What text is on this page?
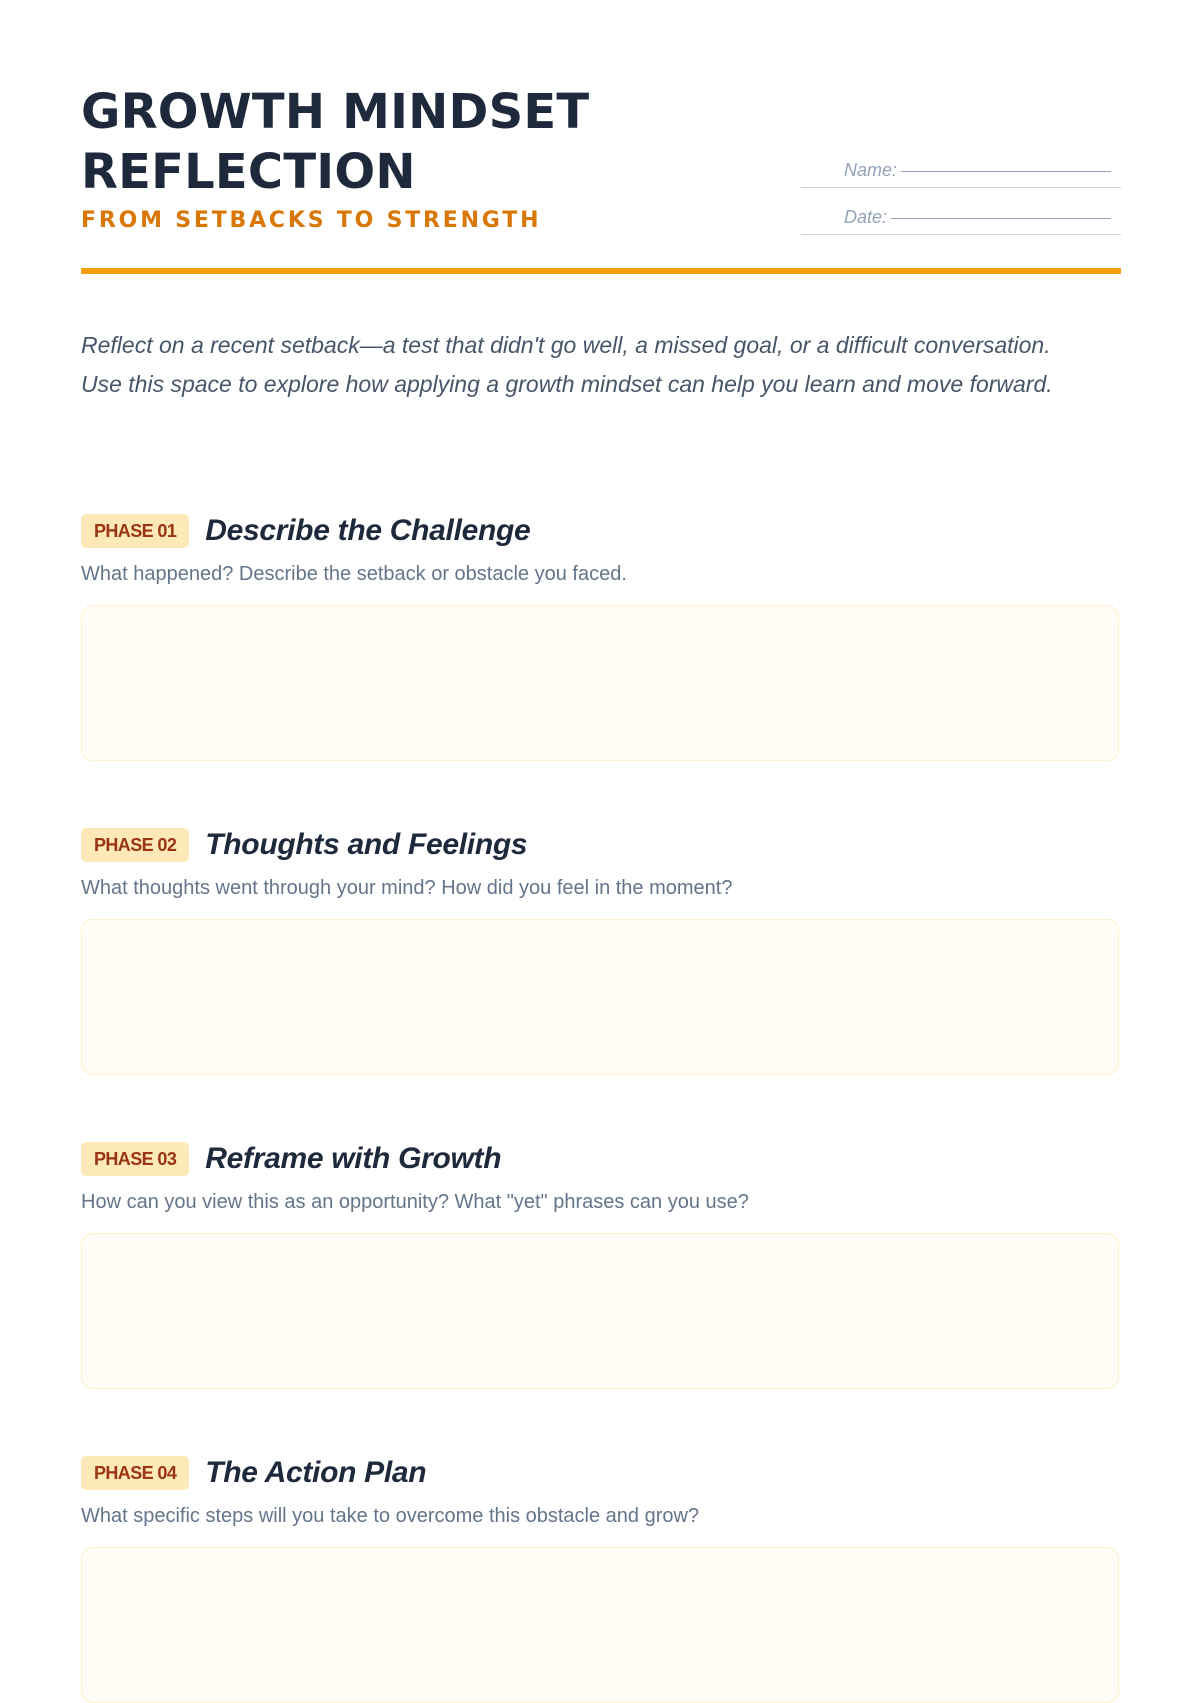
GROWTH MINDSET
REFLECTION
FROM SETBACKS TO STRENGTH
Name:
Date:

Reflect on a recent setback—a test that didn't go well, a missed goal, or a difficult conversation. Use this space to explore how applying a growth mindset can help you learn and move forward.

PHASE 01 Describe the Challenge
What happened? Describe the setback or obstacle you faced.
PHASE 02 Thoughts and Feelings
What thoughts went through your mind? How did you feel in the moment?
PHASE 03 Reframe with Growth
How can you view this as an opportunity? What "yet" phrases can you use?
PHASE 04 The Action Plan
What specific steps will you take to overcome this obstacle and grow?
